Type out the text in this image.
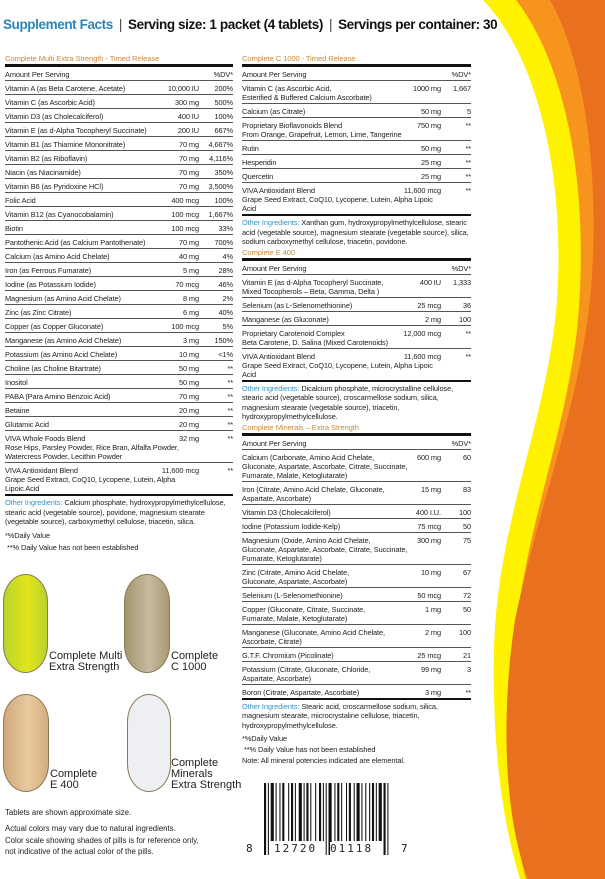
Supplement Facts | Serving size: 1 packet (4 tablets) | Servings per container: 30
Complete Multi Extra Strength - Timed Release
Amount Per Serving	%DV*
Vitamin A (as Beta Carotene, Acetate)	10,000 IU	200%
Vitamin C (as Ascorbic Acid)	300 mg	500%
Vitamin D3 (as Cholecalciferol)	400 IU	100%
Vitamin E (as d-Alpha Tocopheryl Succinate)	200 IU	667%
Vitamin B1 (as Thiamine Mononitrate)	70 mg	4,667%
Vitamin B2 (as Riboflavin)	70 mg	4,116%
Niacin (as Niacinamide)	70 mg	350%
Vitamin B6 (as Pyridoxine HCl)	70 mg	3,500%
Folic Acid	400 mcg	100%
Vitamin B12 (as Cyanocobalamin)	100 mcg	1,667%
Biotin	100 mcg	33%
Pantothenic Acid (as Calcium Pantothenate)	70 mg	700%
Calcium (as Amino Acid Chelate)	40 mg	4%
Iron (as Ferrous Fumarate)	5 mg	28%
Iodine (as Potassium Iodide)	70 mcg	46%
Magnesium (as Amino Acid Chelate)	8 mg	2%
Zinc (as Zinc Citrate)	6 mg	40%
Copper (as Copper Gluconate)	100 mcg	5%
Manganese (as Amino Acid Chelate)	3 mg	150%
Potassium (as Amino Acid Chelate)	10 mg	<1%
Choline (as Choline Bitartrate)	50 mg	**
Inositol	50 mg	**
PABA (Para Amino Benzoic Acid)	70 mg	**
Betaine	20 mg	**
Glutamic Acid	20 mg	**
VIVA Whole Foods Blend
Rose Hips, Parsley Powder, Rice Bran, Alfalfa Powder, Watercress Powder, Lecithin Powder
32 mg	**
VIVA Antioxidant Blend
Grape Seed Extract, CoQ10, Lycopene, Lutein, Alpha Lipoic Acid
11,600 mcg	**
Other Ingredients: Calcium phosphate, hydroxypropylmethylcellulose, stearic acid (vegetable source), povidone, magnesium stearate (vegetable source), carboxymethyl cellulose, triacetin, silica.
*%Daily Value
**% Daily Value has not been established
Complete C 1000 - Timed Release
Amount Per Serving	%DV*
Vitamin C (as Ascorbic Acid,
Esterified & Buffered Calcium Ascorbate)
1000 mg	1,667
Calcium (as Citrate)	50 mg	5
Proprietary Bioflavonoids Blend
From Orange, Grapefruit, Lemon, Lime, Tangerine
750 mg	**
Rutin	50 mg	**
Hesperidin	25 mg	**
Quercetin	25 mg	**
VIVA Antioxidant Blend
Grape Seed Extract, CoQ10, Lycopene, Lutein, Alpha Lipoic Acid
11,600 mcg	**
Other Ingredients: Xanthan gum, hydroxypropylmethylcellulose, stearic acid (vegetable source), magnesium stearate (vegetable source), silica, sodium carboxymethyl cellulose, triacetin, povidone.
Complete E 400
Amount Per Serving	%DV*
Vitamin E (as d-Alpha Tocopheryl Succinate,
Mixed Tocopherols – Beta, Gamma, Delta )
400 IU	1,333
Selenium (as L-Selenomethionine)	25 mcg	36
Manganese (as Gluconate)	2 mg	100
Proprietary Carotenoid Complex
Beta Carotene, D. Salina (Mixed Carotenoids)
12,000 mcg	**
VIVA Antioxidant Blend
Grape Seed Extract, CoQ10, Lycopene, Lutein, Alpha Lipoic Acid
11,600 mcg	**
Other Ingredients: Dicalcium phosphate, microcrystalline cellulose, stearic acid (vegetable source), croscarmellose sodium, silica, magnesium stearate (vegetable source), triacetin, hydroxypropylmethylcellulose.
Complete Minerals – Extra Strength
Amount Per Serving	%DV*
Calcium (Carbonate, Amino Acid Chelate,
Gluconate, Aspartate, Ascorbate, Citrate, Succinate, Fumarate, Malate, Ketoglutarate)
600 mg	60
Iron (Citrate, Amino Acid Chelate, Gluconate,
Aspartate, Ascorbate)
15 mg	83
Vitamin D3 (Cholecalciferol)	400 I.U.	100
Iodine (Potassium Iodide-Kelp)	75 mcg	50
Magnesium (Oxide, Amino Acid Chelate,
Gluconate, Aspartate, Ascorbate, Citrate, Succinate, Fumarate, Ketoglutarate)
300 mg	75
Zinc (Citrate, Amino Acid Chelate,
Gluconate, Aspartate, Ascorbate)
10 mg	67
Selenium (L-Selenomethionine)	50 mcg	72
Copper (Gluconate, Citrate, Succinate,
Fumarate, Malate, Ketoglutarate)
1 mg	50
Manganese (Gluconate, Amino Acid Chelate,
Ascorbate, Citrate)
2 mg	100
G.T.F. Chromium (Picolinate)	25 mcg	21
Potassium (Citrate, Gluconate, Chloride,
Aspartate, Ascorbate)
99 mg	3
Boron (Citrate, Aspartate, Ascorbate)	3 mg	**
Other Ingredients: Stearic acid, croscarmellose sodium, silica, magnesium stearate, microcrystaline cellulose, triacetin, hydroxypropylmethylcellulose.
*%Daily Value
**% Daily Value has not been established
Note: All mineral potencies indicated are elemental.
Complete Multi
Extra Strength
Complete
C 1000
Complete
E 400
Complete
Minerals
Extra Strength
Tablets are shown approximate size.
Actual colors may vary due to natural ingredients.
Color scale showing shades of pills is for reference only,
not indicative of the actual color of the pills.	8 12720 01118	7
